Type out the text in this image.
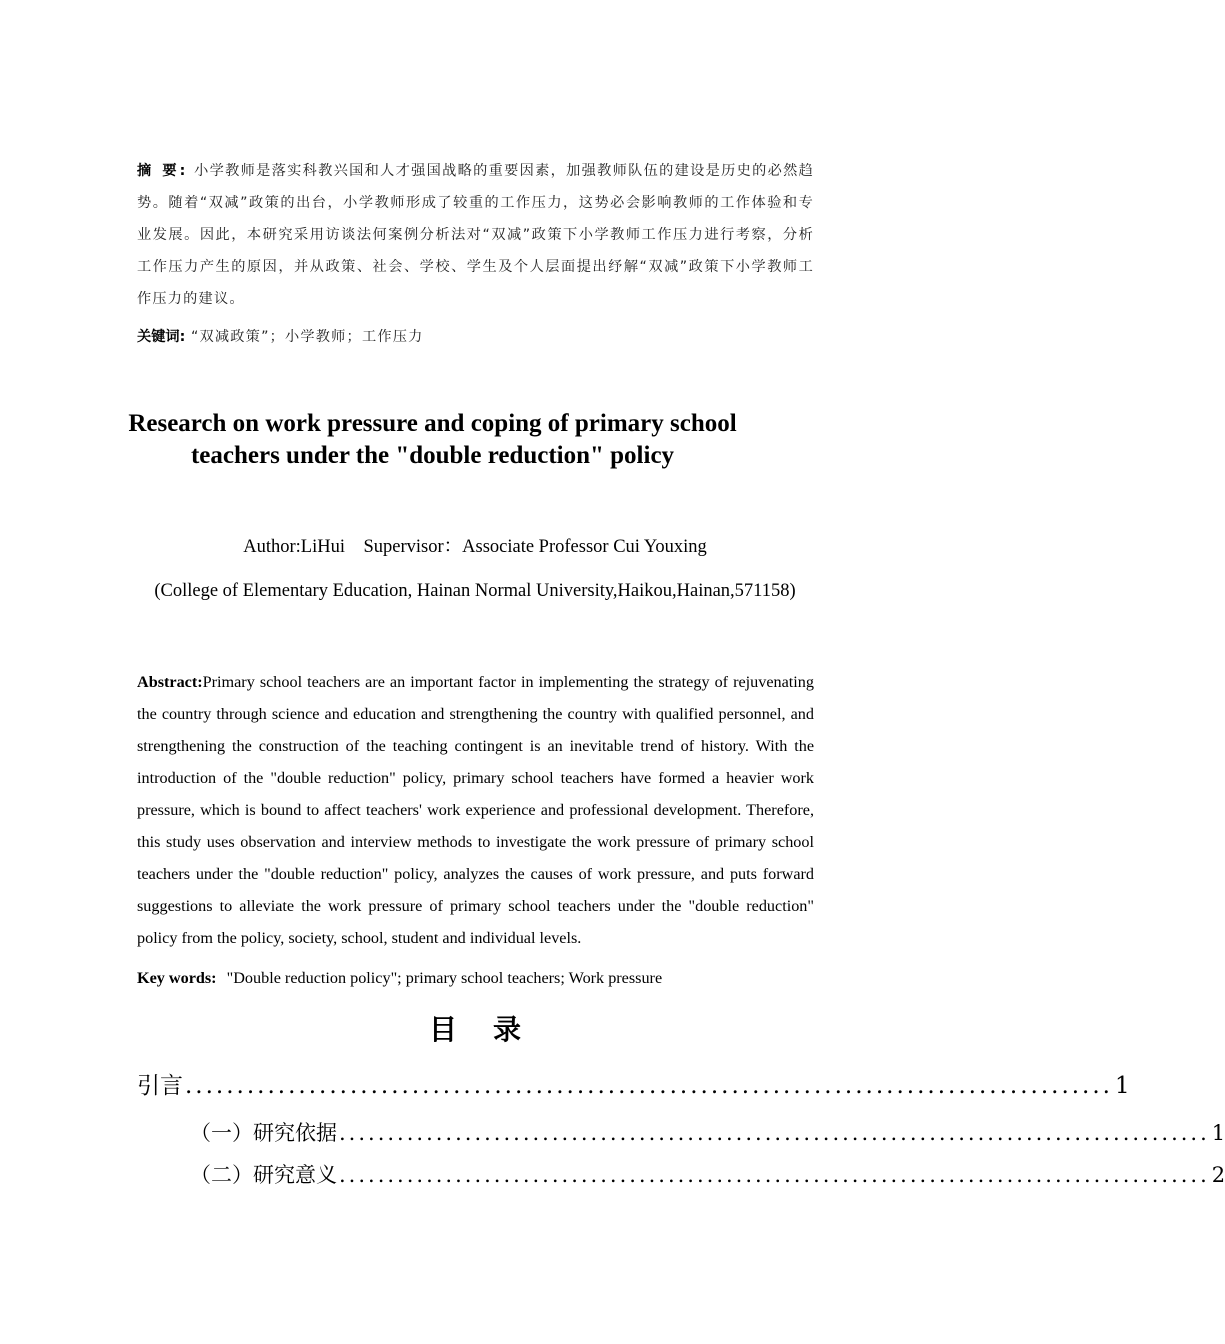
摘 要: 小学教师是落实科教兴国和人才强国战略的重要因素，加强教师队伍的建设是历史的必然趋势。随着“双减”政策的出台，小学教师形成了较重的工作压力，这势必会影响教师的工作体验和专业发展。因此，本研究采用访谈法何案例分析法对“双减”政策下小学教师工作压力进行考察，分析工作压力产生的原因，并从政策、社会、学校、学生及个人层面提出纾解“双减”政策下小学教师工作压力的建议。
关键词: “双减政策”；小学教师；工作压力
Research on work pressure and coping of primary school teachers under the "double reduction" policy
Author:LiHui    Supervisor：Associate Professor Cui Youxing
(College of Elementary Education, Hainan Normal University,Haikou,Hainan,571158)
Abstract:Primary school teachers are an important factor in implementing the strategy of rejuvenating the country through science and education and strengthening the country with qualified personnel, and strengthening the construction of the teaching contingent is an inevitable trend of history. With the introduction of the "double reduction" policy, primary school teachers have formed a heavier work pressure, which is bound to affect teachers' work experience and professional development. Therefore, this study uses observation and interview methods to investigate the work pressure of primary school teachers under the "double reduction" policy, analyzes the causes of work pressure, and puts forward suggestions to alleviate the work pressure of primary school teachers under the "double reduction" policy from the policy, society, school, student and individual levels.
Key words: "Double reduction policy"; primary school teachers; Work pressure
目录
引言 .......................................................................................... 1
（一）研究依据 .......................................................................................... 1
（二）研究意义 .......................................................................................... 2
